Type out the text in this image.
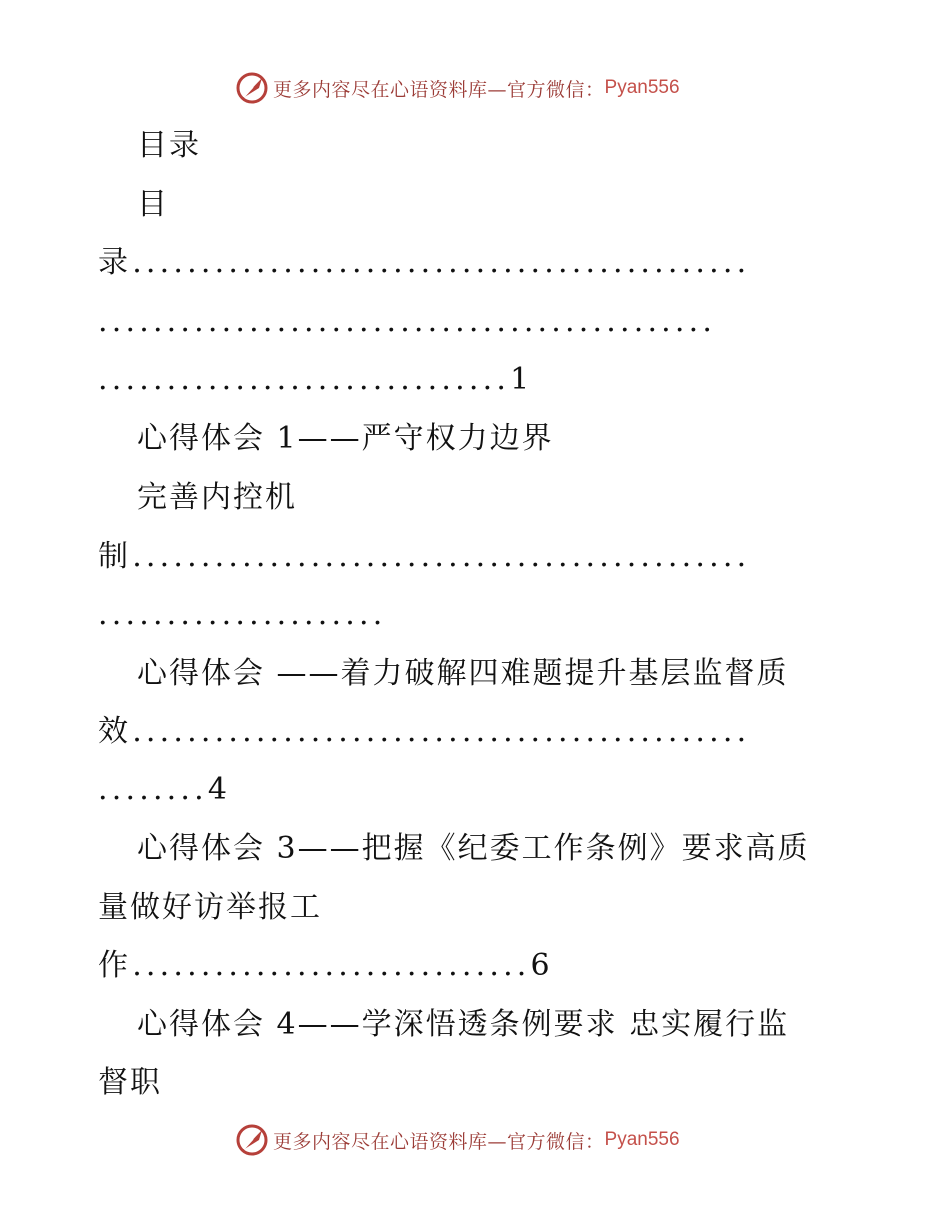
更多内容尽在心语资料库—官方微信： Pyan556
目录
目
录.............................................
.............................................
..............................1
心得体会 1——严守权力边界
完善内控机
制.............................................
.....................
心得体会 ——着力破解四难题提升基层监督质
效.............................................
........4
心得体会 3——把握《纪委工作条例》要求高质
量做好访举报工
作.............................6
心得体会 4——学深悟透条例要求 忠实履行监
督职
更多内容尽在心语资料库—官方微信： Pyan556
